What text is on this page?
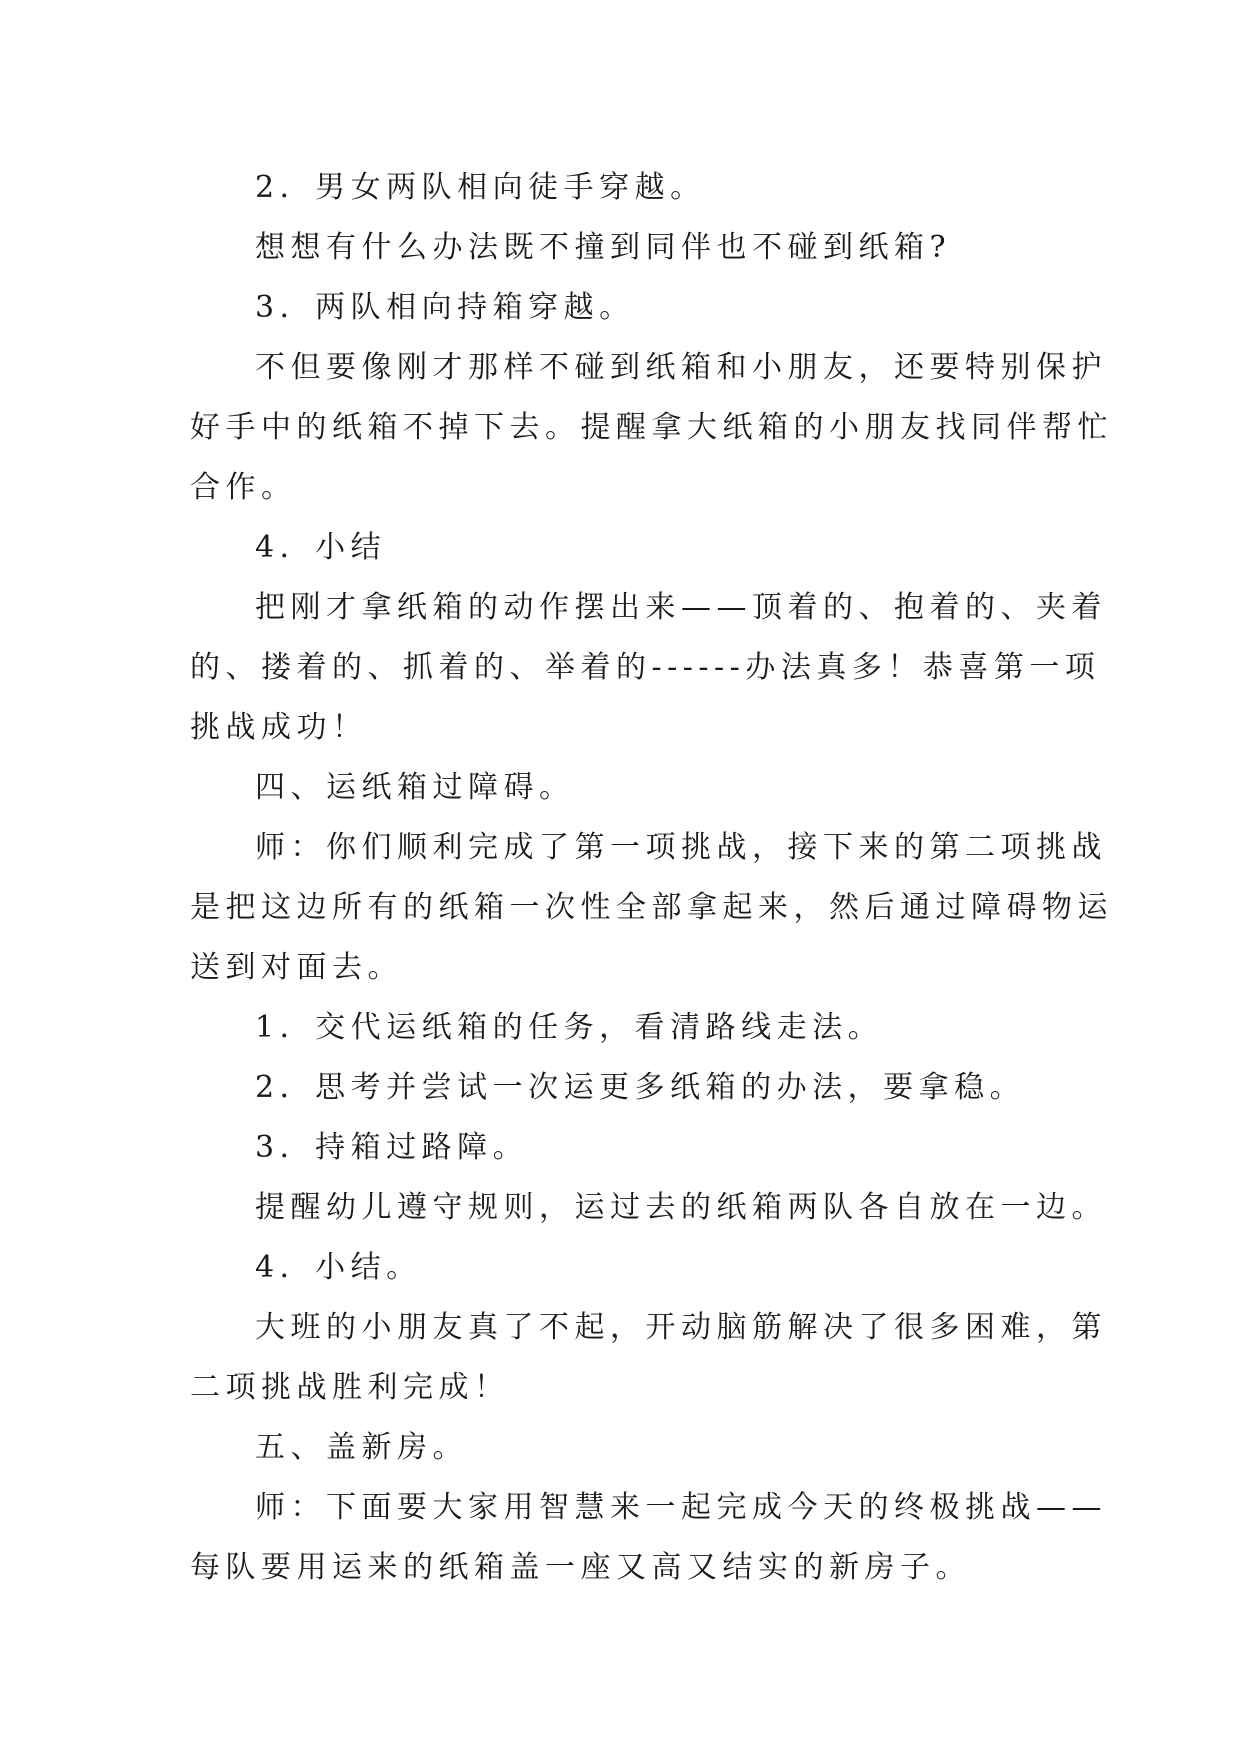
2．男女两队相向徒手穿越。
想想有什么办法既不撞到同伴也不碰到纸箱?
3．两队相向持箱穿越。
不但要像刚才那样不碰到纸箱和小朋友，还要特别保护
好手中的纸箱不掉下去。提醒拿大纸箱的小朋友找同伴帮忙
合作。
4．小结
把刚才拿纸箱的动作摆出来——顶着的、抱着的、夹着
的、搂着的、抓着的、举着的------办法真多！恭喜第一项
挑战成功！
四、运纸箱过障碍。
师：你们顺利完成了第一项挑战，接下来的第二项挑战
是把这边所有的纸箱一次性全部拿起来，然后通过障碍物运
送到对面去。
1．交代运纸箱的任务，看清路线走法。
2．思考并尝试一次运更多纸箱的办法，要拿稳。
3．持箱过路障。
提醒幼儿遵守规则，运过去的纸箱两队各自放在一边。
4．小结。
大班的小朋友真了不起，开动脑筋解决了很多困难，第
二项挑战胜利完成！
五、盖新房。
师：下面要大家用智慧来一起完成今天的终极挑战——
每队要用运来的纸箱盖一座又高又结实的新房子。
